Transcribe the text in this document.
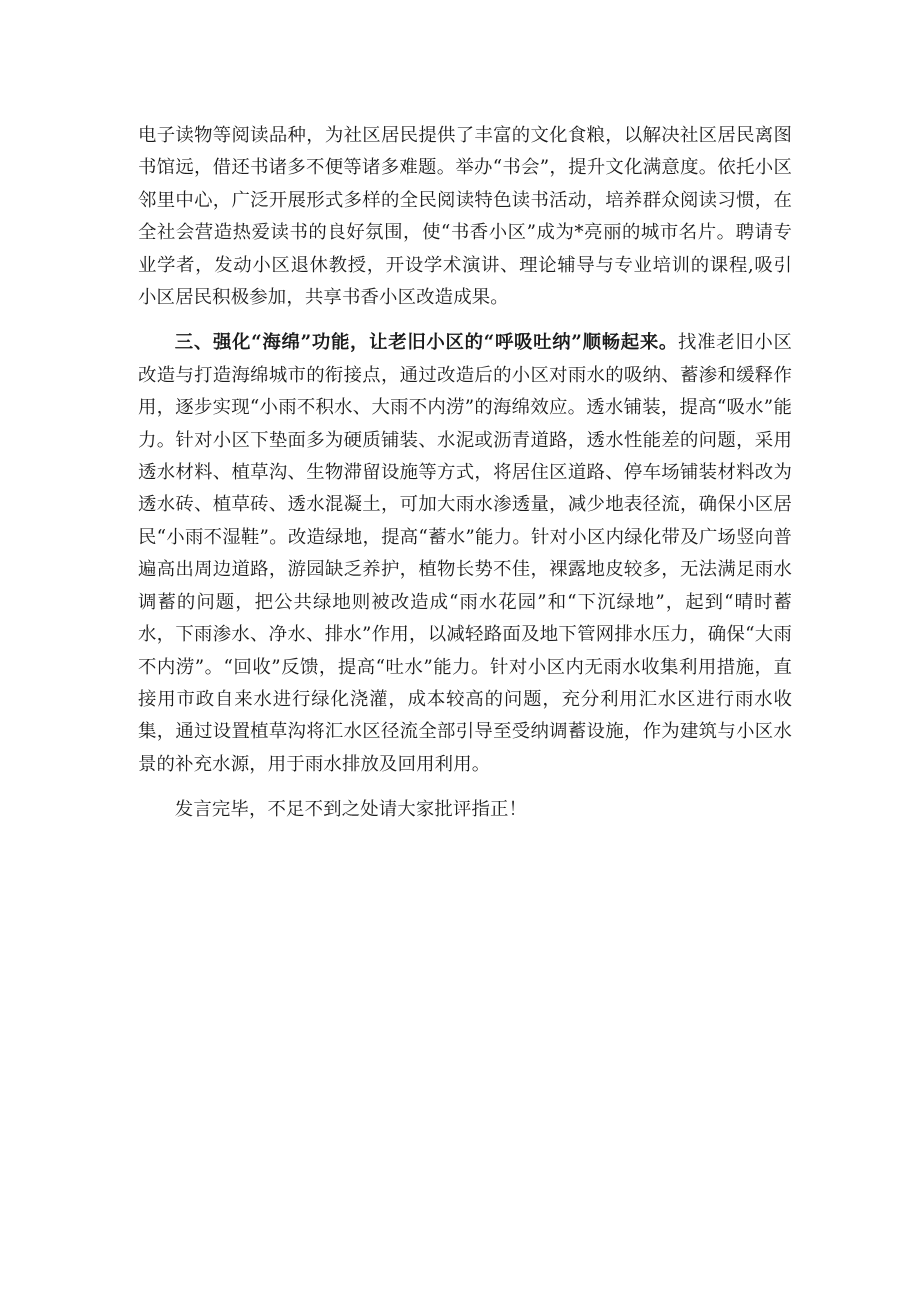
电子读物等阅读品种，为社区居民提供了丰富的文化食粮，以解决社区居民离图书馆远，借还书诸多不便等诸多难题。举办“书会”，提升文化满意度。依托小区邻里中心，广泛开展形式多样的全民阅读特色读书活动，培养群众阅读习惯，在全社会营造热爱读书的良好氛围，使“书香小区”成为*亮丽的城市名片。聘请专业学者，发动小区退休教授，开设学术演讲、理论辅导与专业培训的课程,吸引小区居民积极参加，共享书香小区改造成果。

三、强化“海绵”功能，让老旧小区的“呼吸吐纳”顺畅起来。找准老旧小区改造与打造海绵城市的衔接点，通过改造后的小区对雨水的吸纳、蓄渗和缓释作用，逐步实现“小雨不积水、大雨不内涝”的海绵效应。透水铺装，提高“吸水”能力。针对小区下垫面多为硬质铺装、水泥或沥青道路，透水性能差的问题，采用透水材料、植草沟、生物滞留设施等方式，将居住区道路、停车场铺装材料改为透水砖、植草砖、透水混凝土，可加大雨水渗透量，减少地表径流，确保小区居民“小雨不湿鞋”。改造绿地，提高“蓄水”能力。针对小区内绿化带及广场竖向普遍高出周边道路，游园缺乏养护，植物长势不佳，裸露地皮较多，无法满足雨水调蓄的问题，把公共绿地则被改造成“雨水花园”和“下沉绿地”，起到“晴时蓄水，下雨渗水、净水、排水”作用，以减轻路面及地下管网排水压力，确保“大雨不内涝”。“回收”反馈，提高“吐水”能力。针对小区内无雨水收集利用措施，直接用市政自来水进行绿化浇灌，成本较高的问题，充分利用汇水区进行雨水收集，通过设置植草沟将汇水区径流全部引导至受纳调蓄设施，作为建筑与小区水景的补充水源，用于雨水排放及回用利用。

发言完毕，不足不到之处请大家批评指正！
